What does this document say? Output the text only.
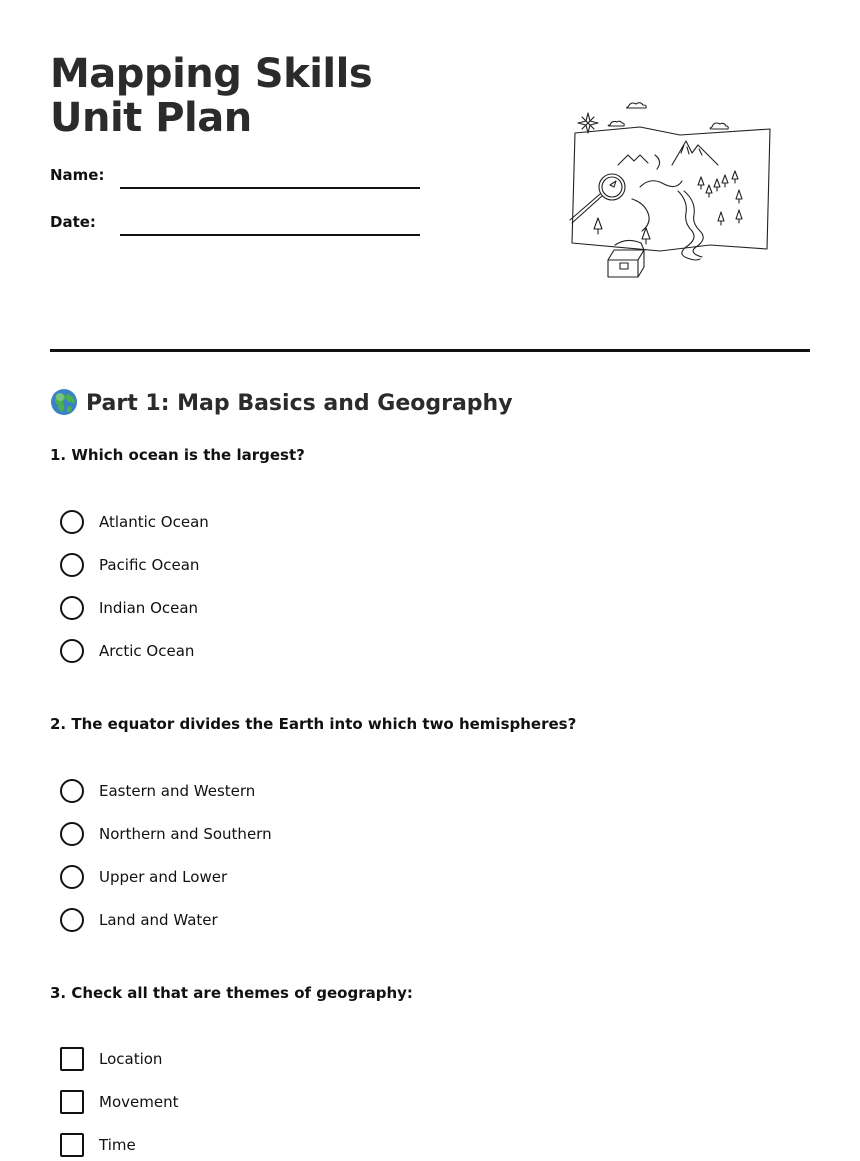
Mapping Skills Unit Plan
Name:
Date:
Part 1: Map Basics and Geography

1. Which ocean is the largest?

Atlantic Ocean
Pacific Ocean
Indian Ocean
Arctic Ocean

2. The equator divides the Earth into which two hemispheres?

Eastern and Western
Northern and Southern
Upper and Lower
Land and Water

3. Check all that are themes of geography:

Location
Movement
Time
